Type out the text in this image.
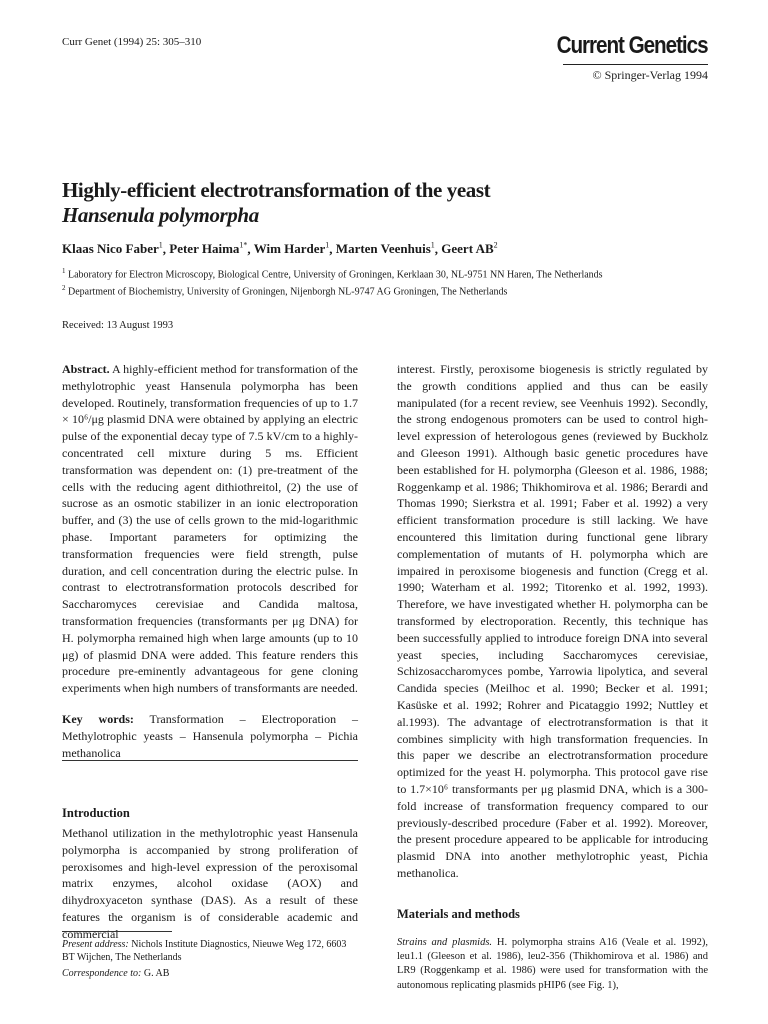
Curr Genet (1994) 25: 305–310	Current Genetics
© Springer-Verlag 1994
Highly-efficient electrotransformation of the yeast
Hansenula polymorpha
Klaas Nico Faber$^1$, Peter Haima$^{1*}$, Wim Harder$^1$, Marten Veenhuis$^1$, Geert $AB^2$
$^1$ Laboratory for Electron Microscopy, Biological Centre, University of Groningen, Kerklaan 30, NL-9751 NN Haren, The Netherlands
$^2$ Department of Biochemistry, University of Groningen, Nijenborgh NL-9747 AG Groningen, The Netherlands
Received: 13 August 1993

Abstract. A highly-efficient method for transformation of the methylotrophic yeast Hansenula polymorpha has been developed. Routinely, transformation frequencies of up to 1.7 × 10⁶/μg plasmid DNA were obtained by applying an electric pulse of the exponential decay type of 7.5 kV/cm to a highly-concentrated cell mixture during 5 ms. Efficient transformation was dependent on: (1) pre-treatment of the cells with the reducing agent dithiothreitol, (2) the use of sucrose as an osmotic stabilizer in an ionic electroporation buffer, and (3) the use of cells grown to the mid-logarithmic phase. Important parameters for optimizing the transformation frequencies were field strength, pulse duration, and cell concentration during the electric pulse. In contrast to electrotransformation protocols described for Saccharomyces cerevisiae and Candida maltosa, transformation frequencies (transformants per μg DNA) for H. polymorpha remained high when large amounts (up to 10 μg) of plasmid DNA were added. This feature renders this procedure pre-eminently advantageous for gene cloning experiments when high numbers of transformants are needed.

Key words: Transformation – Electroporation – Methylotrophic yeasts – Hansenula polymorpha – Pichia methanolica

Introduction

Methanol utilization in the methylotrophic yeast Hansenula polymorpha is accompanied by strong proliferation of peroxisomes and high-level expression of the peroxisomal matrix enzymes, alcohol oxidase (AOX) and dihydroxyaceton synthase (DAS). As a result of these features the organism is of considerable academic and commercial

Present address: Nichols Institute Diagnostics, Nieuwe Weg 172, 6603 BT Wijchen, The Netherlands

Correspondence to: G. AB

interest. Firstly, peroxisome biogenesis is strictly regulated by the growth conditions applied and thus can be easily manipulated (for a recent review, see Veenhuis 1992). Secondly, the strong endogenous promoters can be used to control high-level expression of heterologous genes (reviewed by Buckholz and Gleeson 1991). Although basic genetic procedures have been established for H. polymorpha (Gleeson et al. 1986, 1988; Roggenkamp et al. 1986; Thikhomirova et al. 1986; Berardi and Thomas 1990; Sierkstra et al. 1991; Faber et al. 1992) a very efficient transformation procedure is still lacking. We have encountered this limitation during functional gene library complementation of mutants of H. polymorpha which are impaired in peroxisome biogenesis and function (Cregg et al. 1990; Waterham et al. 1992; Titorenko et al. 1992, 1993). Therefore, we have investigated whether H. polymorpha can be transformed by electroporation. Recently, this technique has been successfully applied to introduce foreign DNA into several yeast species, including Saccharomyces cerevisiae, Schizosaccharomyces pombe, Yarrowia lipolytica, and several Candida species (Meilhoc et al. 1990; Becker et al. 1991; Kasüske et al. 1992; Rohrer and Picataggio 1992; Nuttley et al.1993). The advantage of electrotransformation is that it combines simplicity with high transformation frequencies. In this paper we describe an electrotransformation procedure optimized for the yeast H. polymorpha. This protocol gave rise to 1.7×10⁶ transformants per μg plasmid DNA, which is a 300-fold increase of transformation frequency compared to our previously-described procedure (Faber et al. 1992). Moreover, the present procedure appeared to be applicable for introducing plasmid DNA into another methylotrophic yeast, Pichia methanolica.

Materials and methods

Strains and plasmids. H. polymorpha strains A16 (Veale et al. 1992), leu1.1 (Gleeson et al. 1986), leu2-356 (Thikhomirova et al. 1986) and LR9 (Roggenkamp et al. 1986) were used for transformation with the autonomous replicating plasmids pHIP6 (see Fig. 1),
